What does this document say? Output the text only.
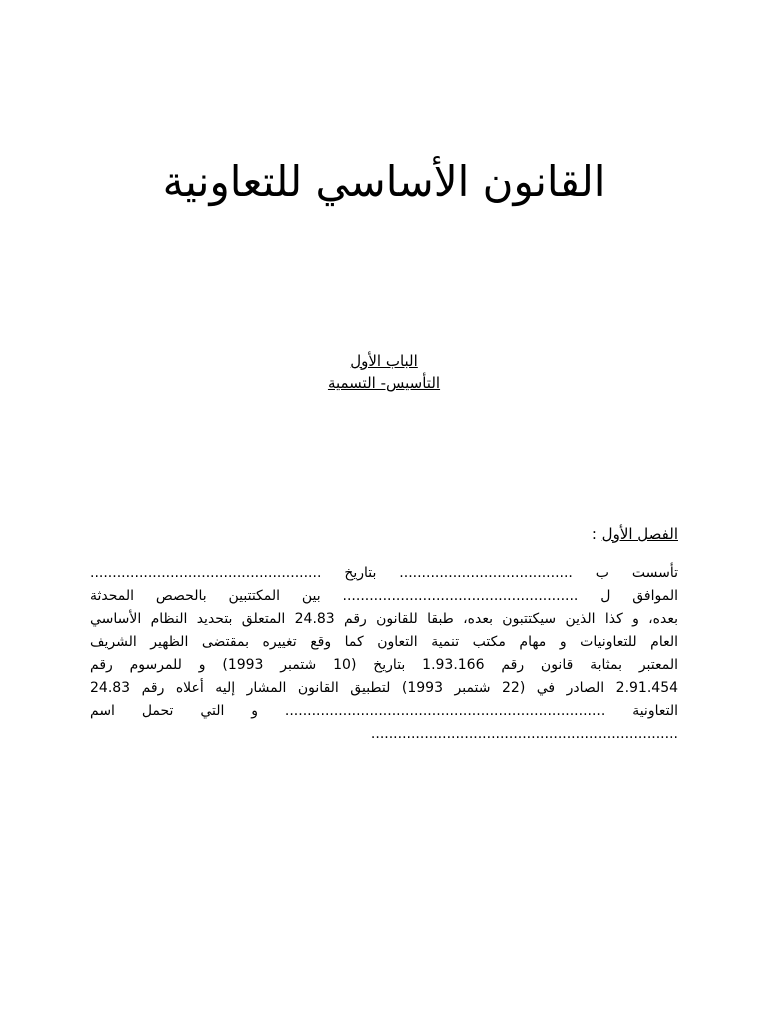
القانون الأساسي للتعاونية
الباب الأول
التأسيس- التسمية
الفصل الأول :
تأسست ب ....................................... بتاريخ ....................................................
الموافق ل ..................................................... بين المكتتبين بالحصص المحدثة
بعده، و كذا الذين سيكتتبون بعده، طبقا للقانون رقم 24.83 المتعلق بتحديد النظام الأساسي
العام للتعاونيات و مهام مكتب تنمية التعاون كما وقع تغييره بمقتضى الظهير الشريف
المعتبر بمثابة قانون رقم 1.93.166 بتاريخ (10 شتمبر 1993) و للمرسوم رقم
2.91.454 الصادر في (22 شتمبر 1993) لتطبيق القانون المشار إليه أعلاه رقم 24.83
التعاونية ........................................................................ و التي تحمل اسم
.....................................................................
